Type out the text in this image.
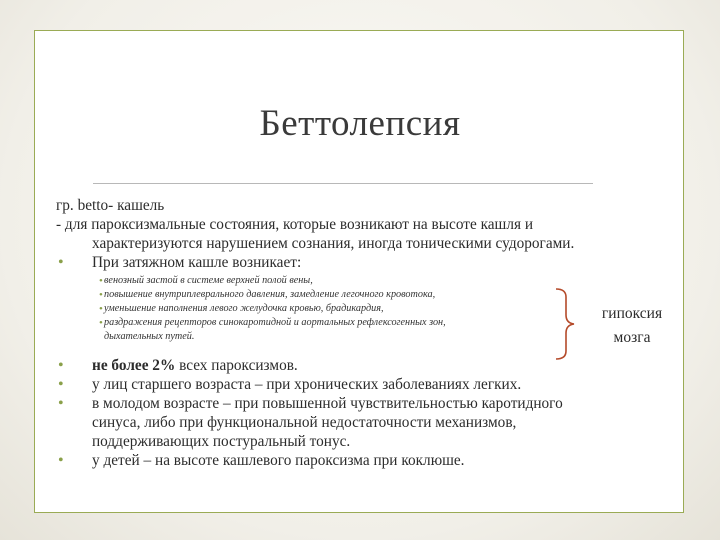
Беттолепсия
гр. betto- кашель
- для пароксизмальные состояния, которые возникают на высоте кашля и
характеризуются нарушением сознания, иногда тоническими судорогами.
• При затяжном кашле возникает:
• венозный застой в системе верхней полой вены,
• повышение внутриплеврального давления, замедление легочного кровотока,
• уменьшение наполнения левого желудочка кровью, брадикардия,
• раздражения рецепторов синокаротидной и аортальных рефлексогенных зон,
дыхательных путей.
• не более 2% всех пароксизмов.
• у лиц старшего возраста – при хронических заболеваниях легких.
• в молодом возрасте – при повышенной чувствительностью каротидного
синуса, либо при функциональной недостаточности механизмов,
поддерживающих постуральный тонус.
• у детей – на высоте кашлевого пароксизма при коклюше.
гипоксия
мозга
